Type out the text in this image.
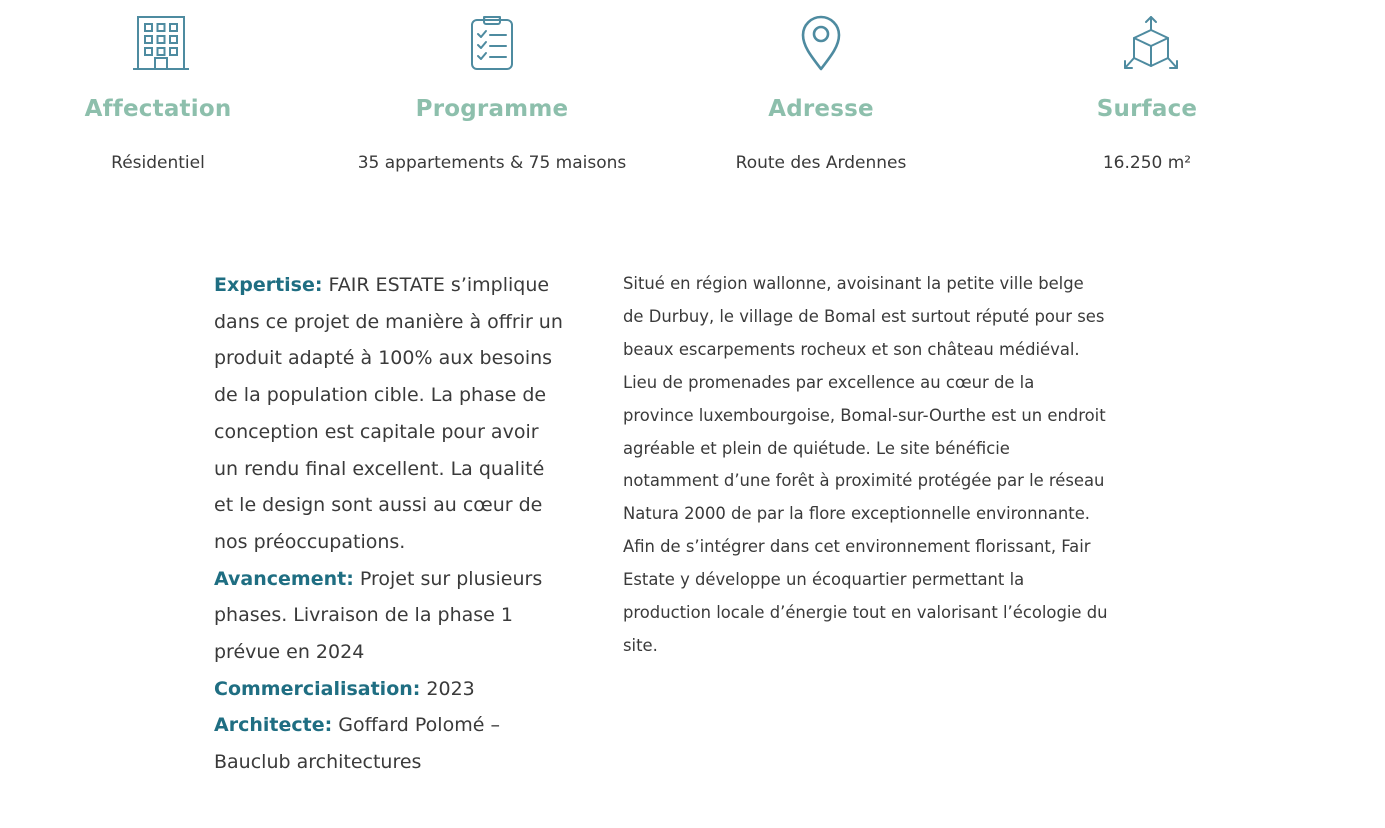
Affectation
Résidentiel
Programme
35 appartements & 75 maisons
Adresse
Route des Ardennes
Surface
16.250 m²

Expertise: FAIR ESTATE s’implique dans ce projet de manière à offrir un produit adapté à 100% aux besoins de la population cible. La phase de conception est capitale pour avoir un rendu final excellent. La qualité et le design sont aussi au cœur de nos préoccupations.

Avancement: Projet sur plusieurs phases. Livraison de la phase 1 prévue en 2024

Commercialisation: 2023

Architecte: Goffard Polomé – Bauclub architectures

Situé en région wallonne, avoisinant la petite ville belge de Durbuy, le village de Bomal est surtout réputé pour ses beaux escarpements rocheux et son château médiéval. Lieu de promenades par excellence au cœur de la province luxembourgoise, Bomal-sur-Ourthe est un endroit agréable et plein de quiétude. Le site bénéficie notamment d’une forêt à proximité protégée par le réseau Natura 2000 de par la flore exceptionnelle environnante.

Afin de s’intégrer dans cet environnement florissant, Fair Estate y développe un écoquartier permettant la production locale d’énergie tout en valorisant l’écologie du site.
